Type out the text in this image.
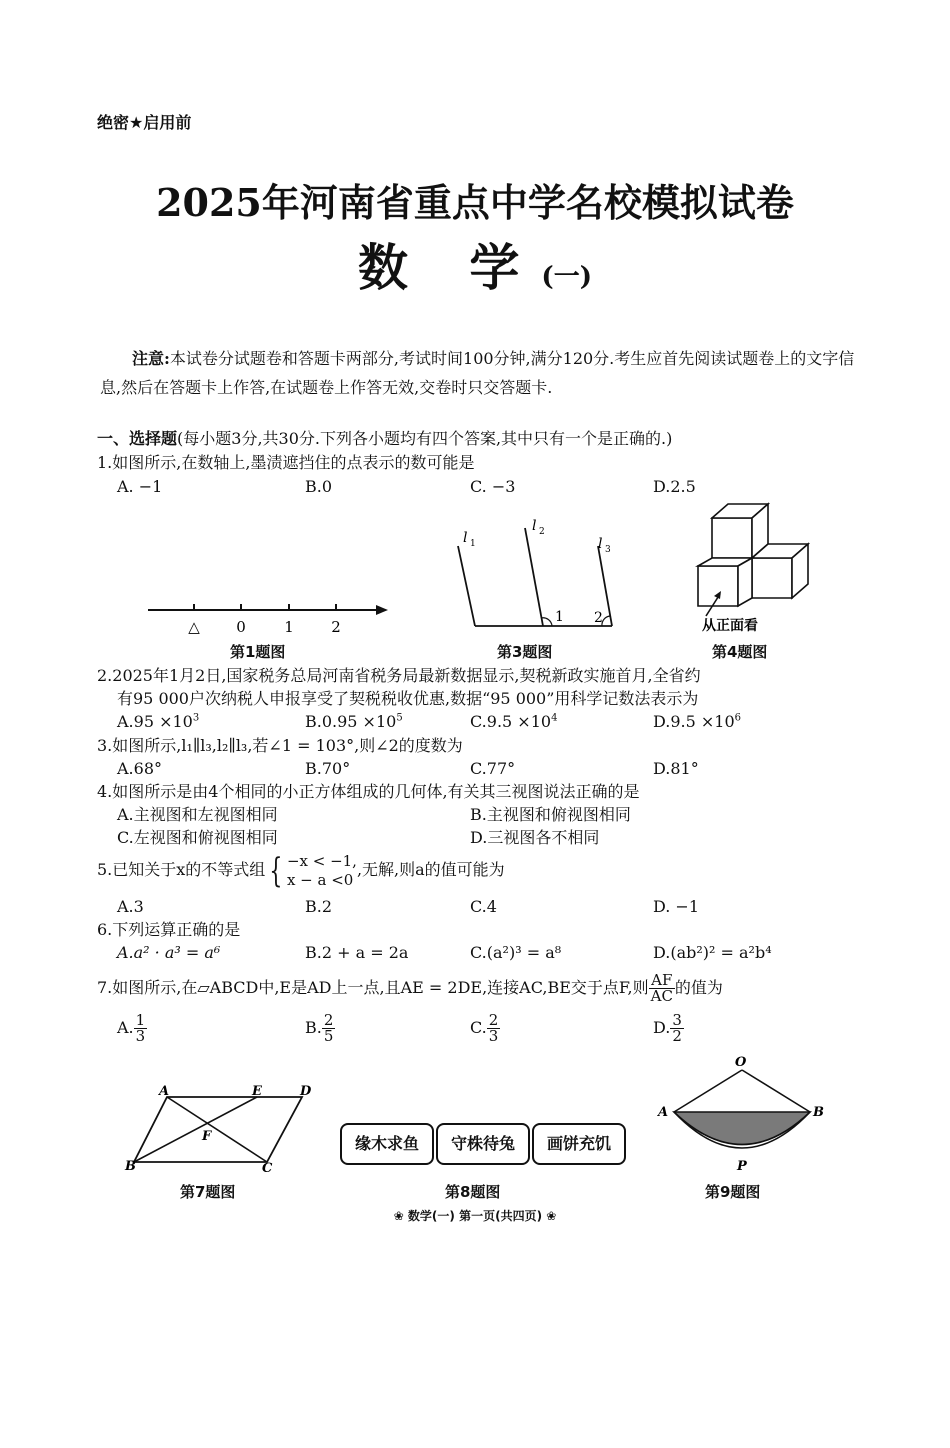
绝密★启用前
2025年河南省重点中学名校模拟试卷
数 学(一)
注意:本试卷分试题卷和答题卡两部分,考试时间100分钟,满分120分.考生应首先阅读试题卷上的文字信息,然后在答题卡上作答,在试题卷上作答无效,交卷时只交答题卡.
一、选择题(每小题3分,共30分.下列各小题均有四个答案,其中只有一个是正确的.)
1.如图所示,在数轴上,墨渍遮挡住的点表示的数可能是
A. −1	B.0	C. −3	D.2.5
△ 0	1 2
第1题图
l 1
l 2
l 3
1 2
第3题图
从正面看
第4题图
2.2025年1月2日,国家税务总局河南省税务局最新数据显示,契税新政实施首月,全省约
有95 000户次纳税人申报享受了契税税收优惠,数据“95 000”用科学记数法表示为
$A.95 \times 10^3$	$B.0.95 \times 10^5$	$C.9.5 \times 10^4$	$D.9.5 \times 10^6$
3.如图所示,l₁∥l₃,l₂∥l₃,若∠1 = 103°,则∠2的度数为
A.68°	B.70°	C.77°	D.81°
4.如图所示是由4个相同的小正方体组成的几何体,有关其三视图说法正确的是
A.主视图和左视图相同	B.主视图和俯视图相同
C.左视图和俯视图相同	D.三视图各不相同
5.已知关于x的不等式组 { −x < −1,
x − a <0
,无解,则a的值可能为
A.3	B.2	C.4	D. −1
6.下列运算正确的是
A.a² · a³ = a⁶	B.2 + a = 2a	C.(a²)³ = a⁸	D.(ab²)² = a²b⁴
7.如图所示,在▱ABCD中,E是AD上一点,且AE = 2DE,连接AC,BE交于点F,则 $\frac{AF}{AC}$ 的值为
A. $\frac{1}{3}$	B. $\frac{2}{5}$	C. $\frac{2}{3}$	D. $\frac{3}{2}$
A	E	D
F
B	C
第7题图
缘木求鱼	守株待兔	画饼充饥
第8题图
O
A	B
P
第9题图
❀ 数学(一) 第一页(共四页) ❀
